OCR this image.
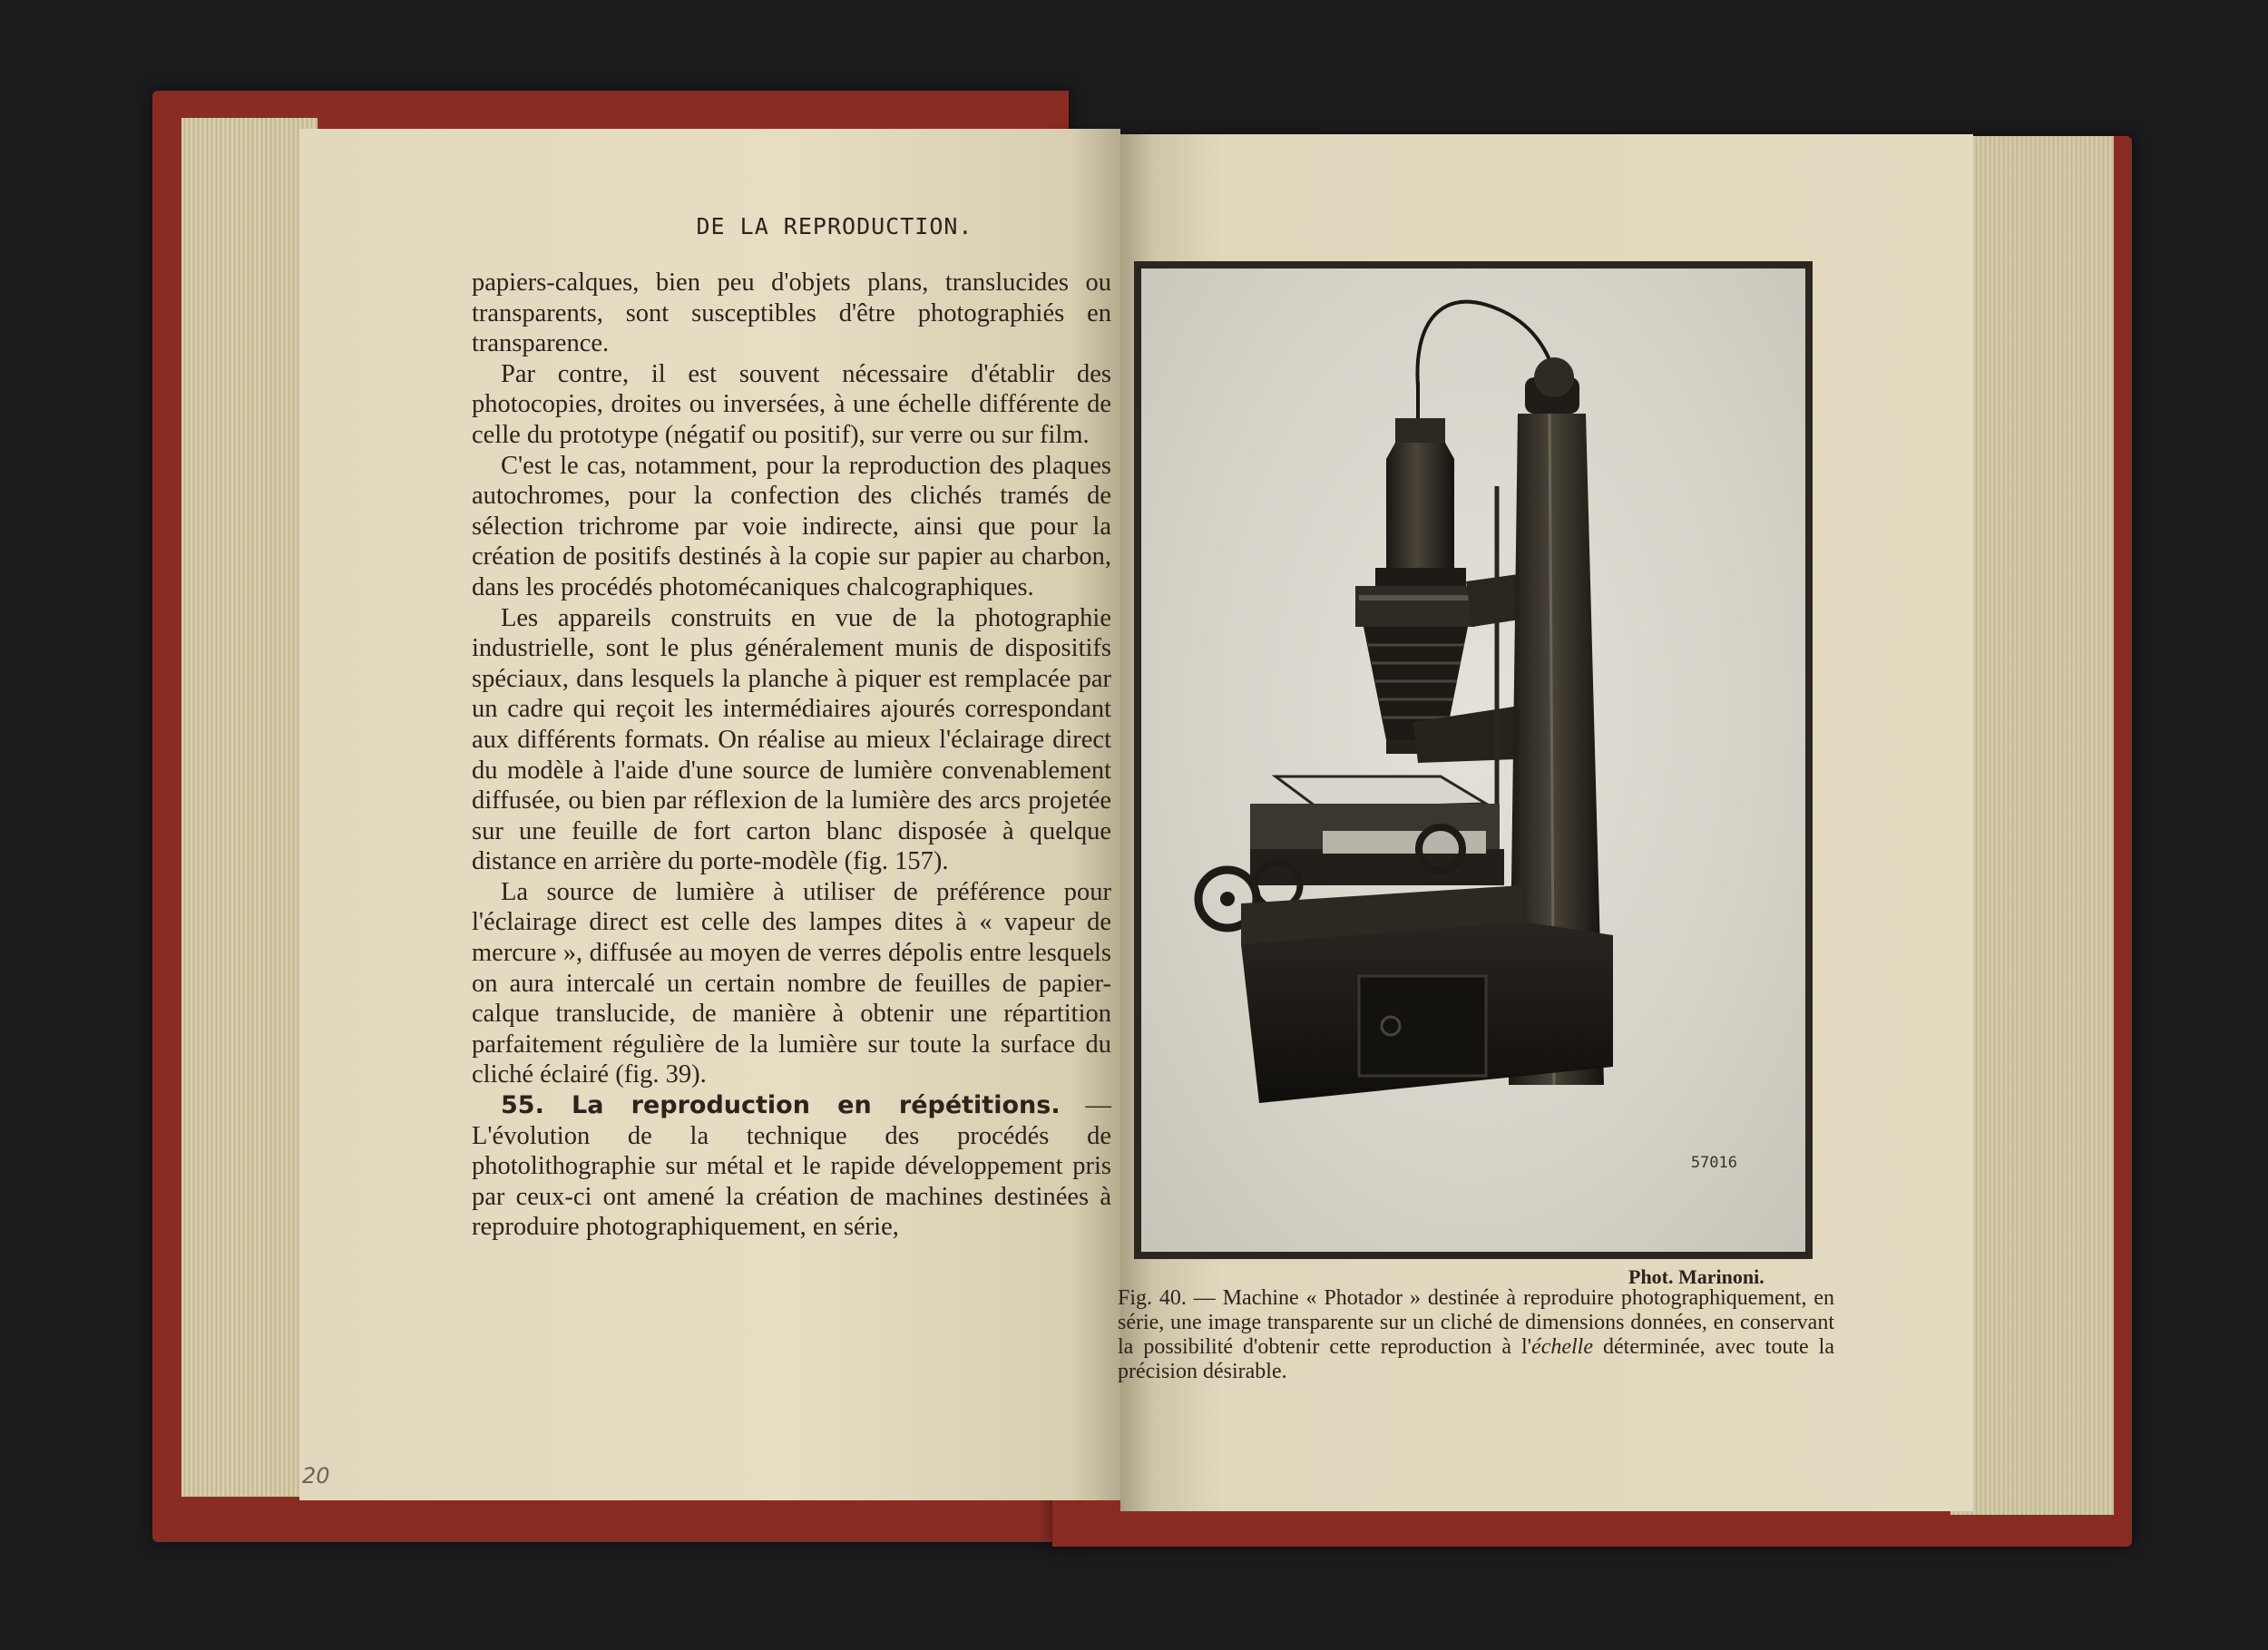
DE LA REPRODUCTION.

papiers-calques, bien peu d'objets plans, translucides ou transparents, sont susceptibles d'être photographiés en transparence.

Par contre, il est souvent nécessaire d'établir des photocopies, droites ou inversées, à une échelle différente de celle du prototype (négatif ou positif), sur verre ou sur film.

C'est le cas, notamment, pour la reproduction des plaques autochromes, pour la confection des clichés tramés de sélection trichrome par voie indirecte, ainsi que pour la création de positifs destinés à la copie sur papier au charbon, dans les procédés photomécaniques chalcographiques.

Les appareils construits en vue de la photographie industrielle, sont le plus généralement munis de dispositifs spéciaux, dans lesquels la planche à piquer est remplacée par un cadre qui reçoit les intermédiaires ajourés correspondant aux différents formats. On réalise au mieux l'éclairage direct du modèle à l'aide d'une source de lumière convenablement diffusée, ou bien par réflexion de la lumière des arcs projetée sur une feuille de fort carton blanc disposée à quelque distance en arrière du porte-modèle (fig. 157).

La source de lumière à utiliser de préférence pour l'éclairage direct est celle des lampes dites à « vapeur de mercure », diffusée au moyen de verres dépolis entre lesquels on aura intercalé un certain nombre de feuilles de papier-calque translucide, de manière à obtenir une répartition parfaitement régulière de la lumière sur toute la surface du cliché éclairé (fig. 39).

55. La reproduction en répétitions. — L'évolution de la technique des procédés de photolithographie sur métal et le rapide développement pris par ceux-ci ont amené la création de machines destinées à reproduire photographiquement, en série,

20
57016
Phot. Marinoni.
Fig. 40. — Machine « Photador » destinée à reproduire photographiquement, en série, une image transparente sur un cliché de dimensions données, en conservant la possibilité d'obtenir cette reproduction à l'échelle déterminée, avec toute la précision désirable.
